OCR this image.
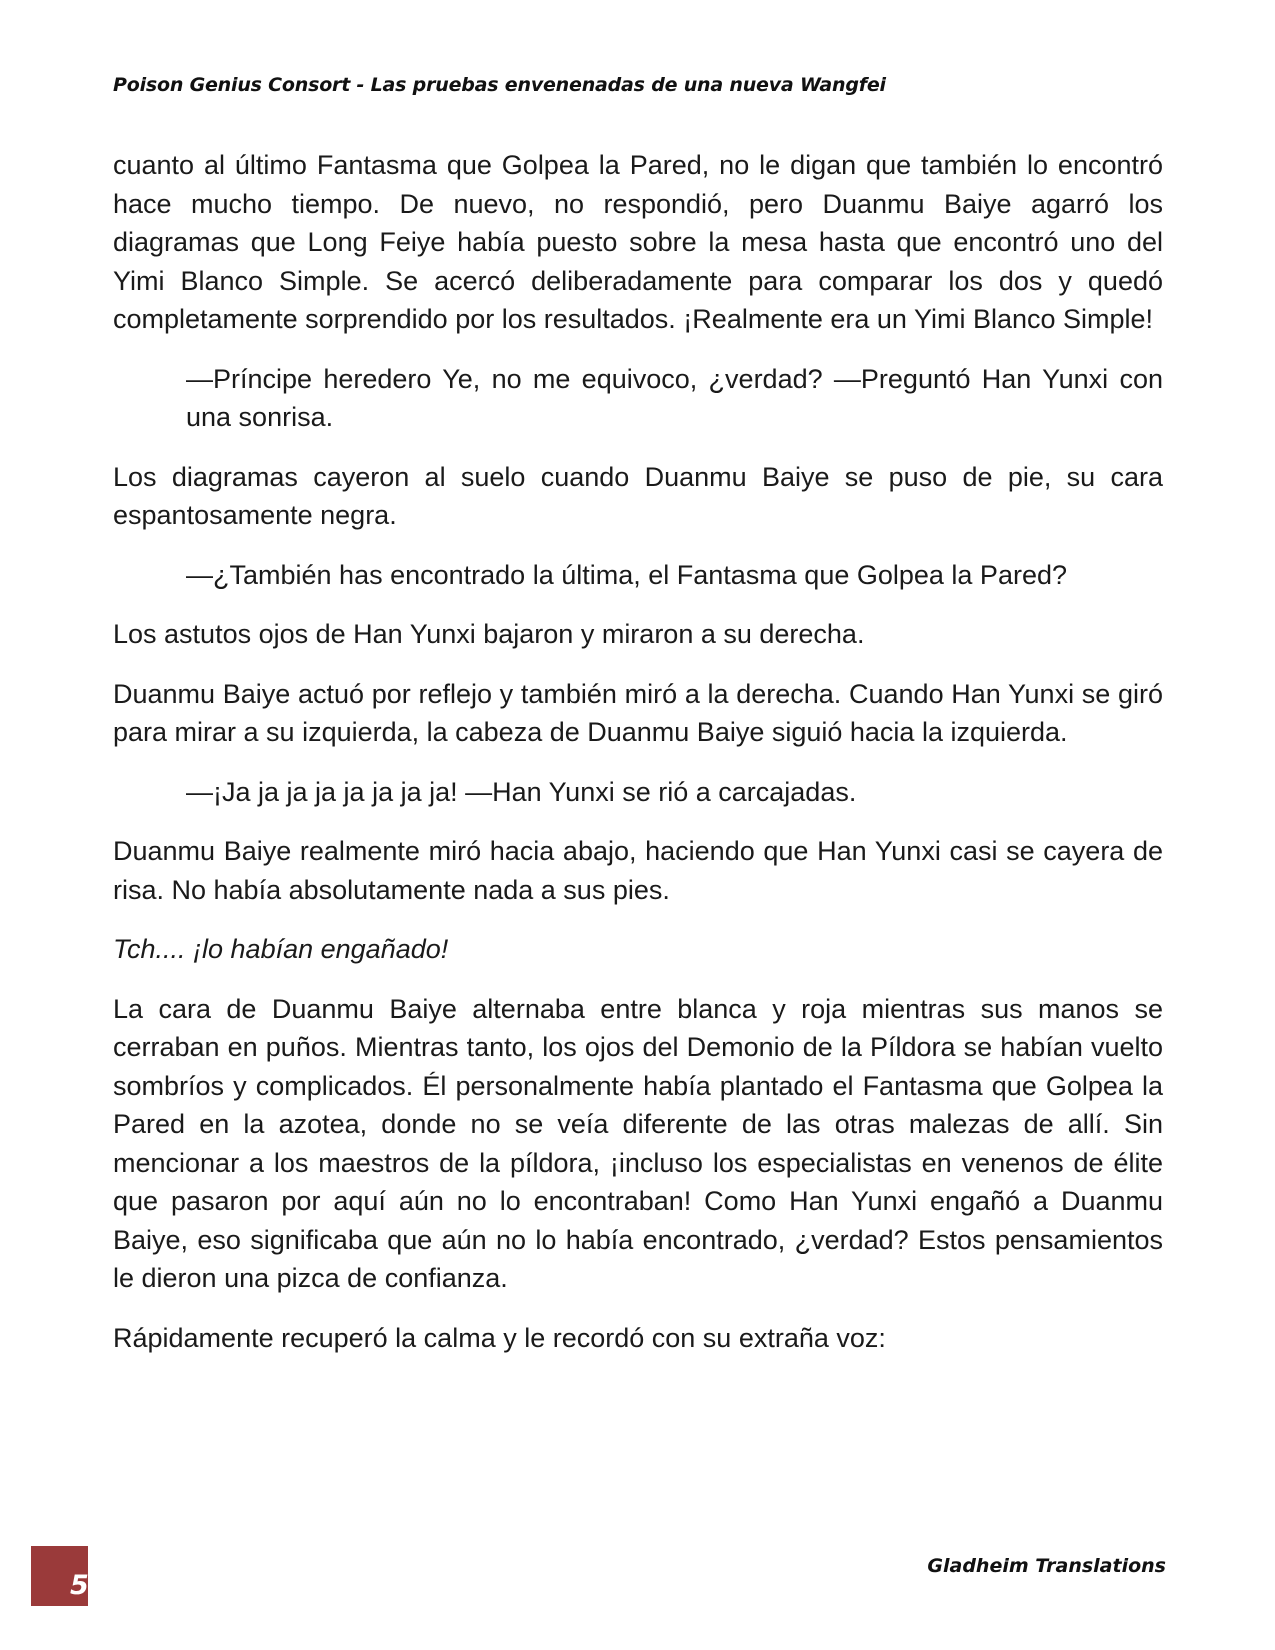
Poison Genius Consort - Las pruebas envenenadas de una nueva Wangfei

cuanto al último Fantasma que Golpea la Pared, no le digan que también lo encontró hace mucho tiempo. De nuevo, no respondió, pero Duanmu Baiye agarró los diagramas que Long Feiye había puesto sobre la mesa hasta que encontró uno del Yimi Blanco Simple. Se acercó deliberadamente para comparar los dos y quedó completamente sorprendido por los resultados. ¡Realmente era un Yimi Blanco Simple!

—Príncipe heredero Ye, no me equivoco, ¿verdad? —Preguntó Han Yunxi con una sonrisa.

Los diagramas cayeron al suelo cuando Duanmu Baiye se puso de pie, su cara espantosamente negra.

—¿También has encontrado la última, el Fantasma que Golpea la Pared?

Los astutos ojos de Han Yunxi bajaron y miraron a su derecha.

Duanmu Baiye actuó por reflejo y también miró a la derecha. Cuando Han Yunxi se giró para mirar a su izquierda, la cabeza de Duanmu Baiye siguió hacia la izquierda.

—¡Ja ja ja ja ja ja ja ja! —Han Yunxi se rió a carcajadas.

Duanmu Baiye realmente miró hacia abajo, haciendo que Han Yunxi casi se cayera de risa. No había absolutamente nada a sus pies.

Tch.... ¡lo habían engañado!

La cara de Duanmu Baiye alternaba entre blanca y roja mientras sus manos se cerraban en puños. Mientras tanto, los ojos del Demonio de la Píldora se habían vuelto sombríos y complicados. Él personalmente había plantado el Fantasma que Golpea la Pared en la azotea, donde no se veía diferente de las otras malezas de allí. Sin mencionar a los maestros de la píldora, ¡incluso los especialistas en venenos de élite que pasaron por aquí aún no lo encontraban! Como Han Yunxi engañó a Duanmu Baiye, eso significaba que aún no lo había encontrado, ¿verdad? Estos pensamientos le dieron una pizca de confianza.

Rápidamente recuperó la calma y le recordó con su extraña voz:

5
Gladheim Translations
